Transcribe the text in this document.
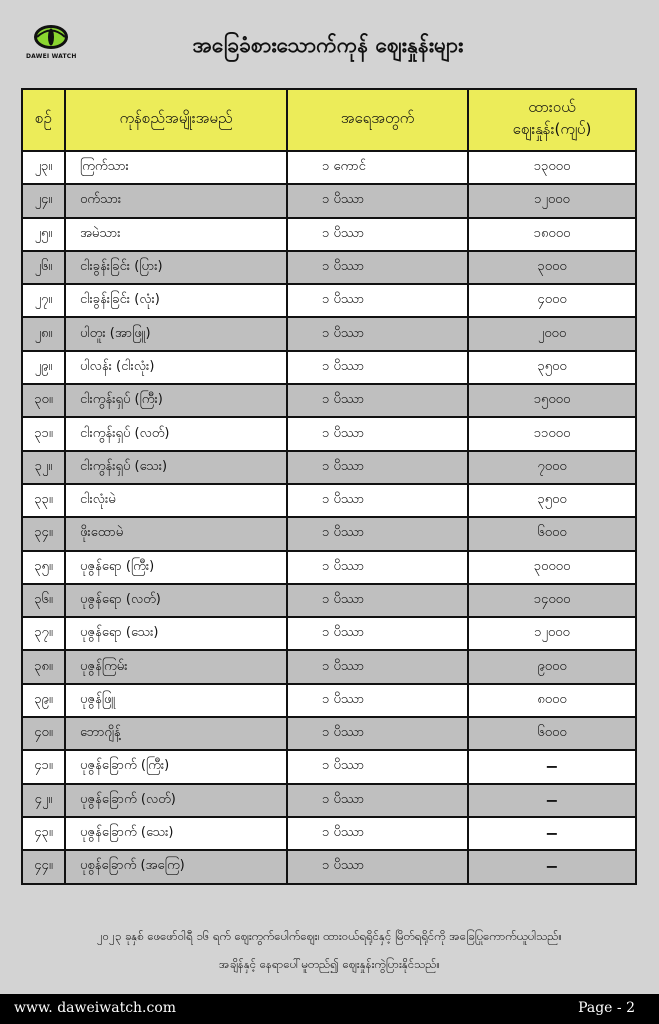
DAWEI WATCH	အခြေခံစားသောက်ကုန် ဈေးနှုန်းများ
စဉ်	ကုန်စည်အမျိုးအမည်	အရေအတွက်	ထားဝယ်
ဈေးနှုန်း(ကျပ်)

၂၃။	ကြက်သား	၁ ကောင်	၁၃၀၀၀
၂၄။	ဝက်သား	၁ ပိဿာ	၁၂၀၀၀
၂၅။	အမဲသား	၁ ပိဿာ	၁၈၀၀၀
၂၆။	ငါးခွန်းခြင်း (ပြား)	၁ ပိဿာ	၃၀၀၀
၂၇။	ငါးခွန်းခြင်း (လုံး)	၁ ပိဿာ	၄၀၀၀
၂၈။	ပါတူး (အာဖြူ)	၁ ပိဿာ	၂၀၀၀
၂၉။	ပါလန်း (ငါးလုံး)	၁ ပိဿာ	၃၅၀၀
၃၀။	ငါးကွန်းရှပ် (ကြီး)	၁ ပိဿာ	၁၅၀၀၀
၃၁။	ငါးကွန်းရှပ် (လတ်)	၁ ပိဿာ	၁၁၀၀၀
၃၂။	ငါးကွန်းရှပ် (သေး)	၁ ပိဿာ	၇၀၀၀
၃၃။	ငါးလုံးမဲ	၁ ပိဿာ	၃၅၀၀
၃၄။	ဖိုးထောမဲ	၁ ပိဿာ	၆၀၀၀
၃၅။	ပုဇွန်ရော (ကြီး)	၁ ပိဿာ	၃၀၀၀၀
၃၆။	ပုဇွန်ရော (လတ်)	၁ ပိဿာ	၁၄၀၀၀
၃၇။	ပုဇွန်ရော (သေး)	၁ ပိဿာ	၁၂၀၀၀
၃၈။	ပုဇွန်ကြမ်း	၁ ပိဿာ	၉၀၀၀
၃၉။	ပုဇွန်ဖြူ	၁ ပိဿာ	၈၀၀၀
၄၀။	ဘောဂျိန့်	၁ ပိဿာ	၆၀၀၀
၄၁။	ပုဇွန်ခြောက် (ကြီး)	၁ ပိဿာ	−
၄၂။	ပုဇွန်ခြောက် (လတ်)	၁ ပိဿာ	−
၄၃။	ပုဇွန်ခြောက် (သေး)	၁ ပိဿာ	−
၄၄။	ပုစွန်ခြောက် (အကြေ)	၁ ပိဿာ	−
၂၀၂၃ ခုနှစ် ဖေဖော်ဝါရီ ၁၆ ရက် ဈေးကွက်ပေါက်ဈေး၊ ထားဝယ်ရရိုင်နှင့် မြိတ်ရရိုင်ကို အခြေပြုကောက်ယူပါသည်။
အချိန်နှင့် နေရာပေါ်မူတည်၍ ဈေးနှုန်းကွဲပြားနိုင်သည်။
www. daweiwatch.com	Page - 2
